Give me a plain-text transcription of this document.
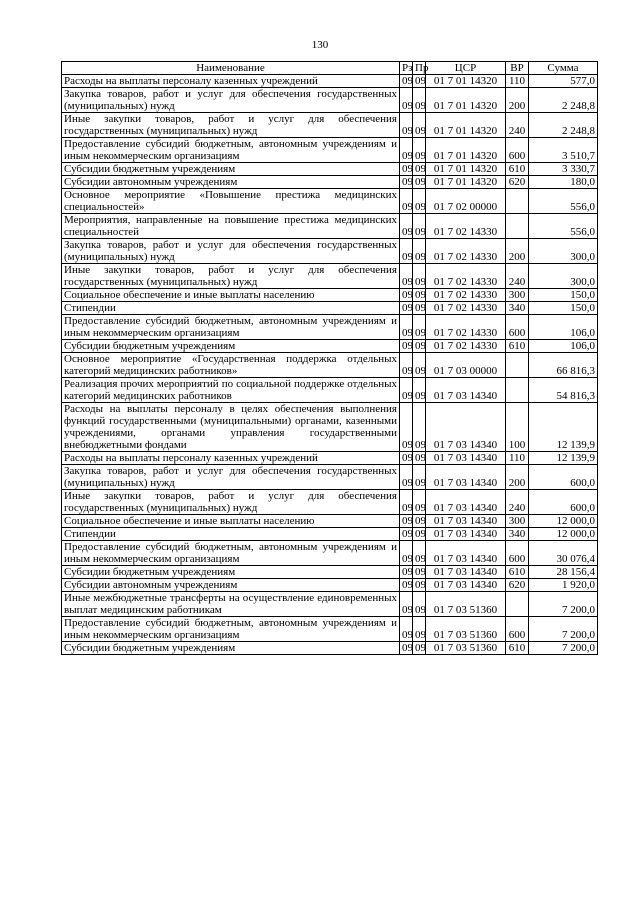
130
Наименование	Рз	Пр	ЦСР	ВР	Сумма
Расходы на выплаты персоналу казенных учреждений	09	09	01 7 01 14320	110	577,0
Закупка товаров, работ и услуг для обеспечения государственных (муниципальных) нужд	09	09	01 7 01 14320	200	2 248,8
Иные закупки товаров, работ и услуг для обеспечения государственных (муниципальных) нужд	09	09	01 7 01 14320	240	2 248,8
Предоставление субсидий бюджетным, автономным учреждениям и иным некоммерческим организациям	09	09	01 7 01 14320	600	3 510,7
Субсидии бюджетным учреждениям	09	09	01 7 01 14320	610	3 330,7
Субсидии автономным учреждениям	09	09	01 7 01 14320	620	180,0
Основное мероприятие «Повышение престижа медицинских специальностей»	09	09	01 7 02 00000		556,0
Мероприятия, направленные на повышение престижа медицинских специальностей	09	09	01 7 02 14330		556,0
Закупка товаров, работ и услуг для обеспечения государственных (муниципальных) нужд	09	09	01 7 02 14330	200	300,0
Иные закупки товаров, работ и услуг для обеспечения государственных (муниципальных) нужд	09	09	01 7 02 14330	240	300,0
Социальное обеспечение и иные выплаты населению	09	09	01 7 02 14330	300	150,0
Стипендии	09	09	01 7 02 14330	340	150,0
Предоставление субсидий бюджетным, автономным учреждениям и иным некоммерческим организациям	09	09	01 7 02 14330	600	106,0
Субсидии бюджетным учреждениям	09	09	01 7 02 14330	610	106,0
Основное мероприятие «Государственная поддержка отдельных категорий медицинских работников»	09	09	01 7 03 00000		66 816,3
Реализация прочих мероприятий по социальной поддержке отдельных категорий медицинских работников	09	09	01 7 03 14340		54 816,3
Расходы на выплаты персоналу в целях обеспечения выполнения функций государственными (муниципальными) органами, казенными учреждениями, органами управления государственными внебюджетными фондами	09	09	01 7 03 14340	100	12 139,9
Расходы на выплаты персоналу казенных учреждений	09	09	01 7 03 14340	110	12 139,9
Закупка товаров, работ и услуг для обеспечения государственных (муниципальных) нужд	09	09	01 7 03 14340	200	600,0
Иные закупки товаров, работ и услуг для обеспечения государственных (муниципальных) нужд	09	09	01 7 03 14340	240	600,0
Социальное обеспечение и иные выплаты населению	09	09	01 7 03 14340	300	12 000,0
Стипендии	09	09	01 7 03 14340	340	12 000,0
Предоставление субсидий бюджетным, автономным учреждениям и иным некоммерческим организациям	09	09	01 7 03 14340	600	30 076,4
Субсидии бюджетным учреждениям	09	09	01 7 03 14340	610	28 156,4
Субсидии автономным учреждениям	09	09	01 7 03 14340	620	1 920,0
Иные межбюджетные трансферты на осуществление единовременных выплат медицинским работникам	09	09	01 7 03 51360		7 200,0
Предоставление субсидий бюджетным, автономным учреждениям и иным некоммерческим организациям	09	09	01 7 03 51360	600	7 200,0
Субсидии бюджетным учреждениям	09	09	01 7 03 51360	610	7 200,0
